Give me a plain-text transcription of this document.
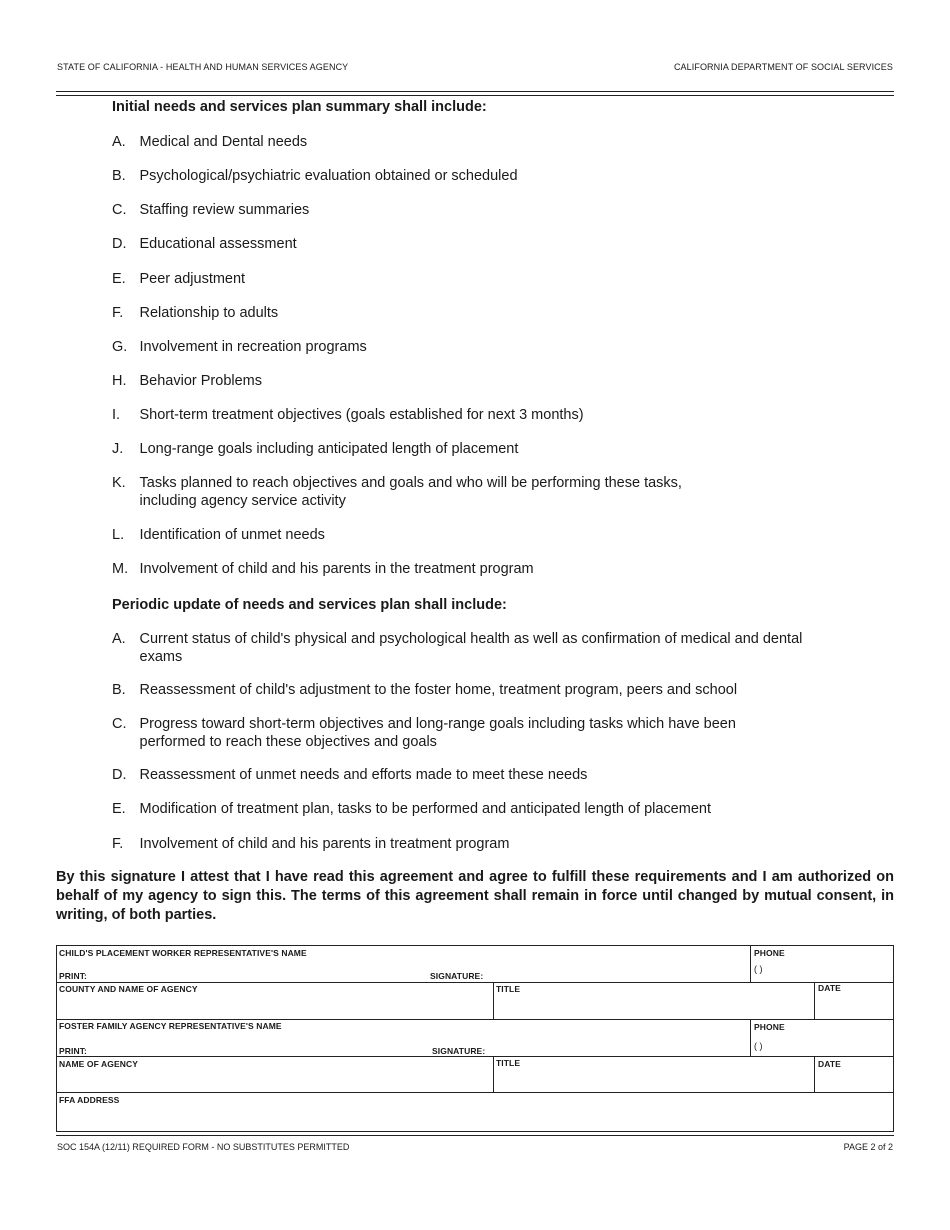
STATE OF CALIFORNIA - HEALTH AND HUMAN SERVICES AGENCY	CALIFORNIA DEPARTMENT OF SOCIAL SERVICES
Initial needs and services plan summary shall include:
A. Medical and Dental needs
B. Psychological/psychiatric evaluation obtained or scheduled
C. Staffing review summaries
D. Educational assessment
E. Peer adjustment
F. Relationship to adults
G. Involvement in recreation programs
H. Behavior Problems
I. Short-term treatment objectives (goals established for next 3 months)
J. Long-range goals including anticipated length of placement
K. Tasks planned to reach objectives and goals and who will be performing these tasks,
including agency service activity
L. Identification of unmet needs
M. Involvement of child and his parents in the treatment program
Periodic update of needs and services plan shall include:
A. Current status of child's physical and psychological health as well as confirmation of medical and dental
exams
B. Reassessment of child's adjustment to the foster home, treatment program, peers and school
C. Progress toward short-term objectives and long-range goals including tasks which have been
performed to reach these objectives and goals
D. Reassessment of unmet needs and efforts made to meet these needs
E. Modification of treatment plan, tasks to be performed and anticipated length of placement
F. Involvement of child and his parents in treatment program
By this signature I attest that I have read this agreement and agree to fulfill these requirements and I am authorized on behalf of my agency to sign this. The terms of this agreement shall remain in force until changed by mutual consent, in writing, of both parties.
CHILD'S PLACEMENT WORKER REPRESENTATIVE'S NAME
PRINT:	SIGNATURE:
PHONE
( )
COUNTY AND NAME OF AGENCY	TITLE	DATE
FOSTER FAMILY AGENCY REPRESENTATIVE'S NAME
PRINT:	SIGNATURE:
PHONE
( )
NAME OF AGENCY	TITLE	DATE
FFA ADDRESS
SOC 154A (12/11) REQUIRED FORM - NO SUBSTITUTES PERMITTED	PAGE 2 of 2
